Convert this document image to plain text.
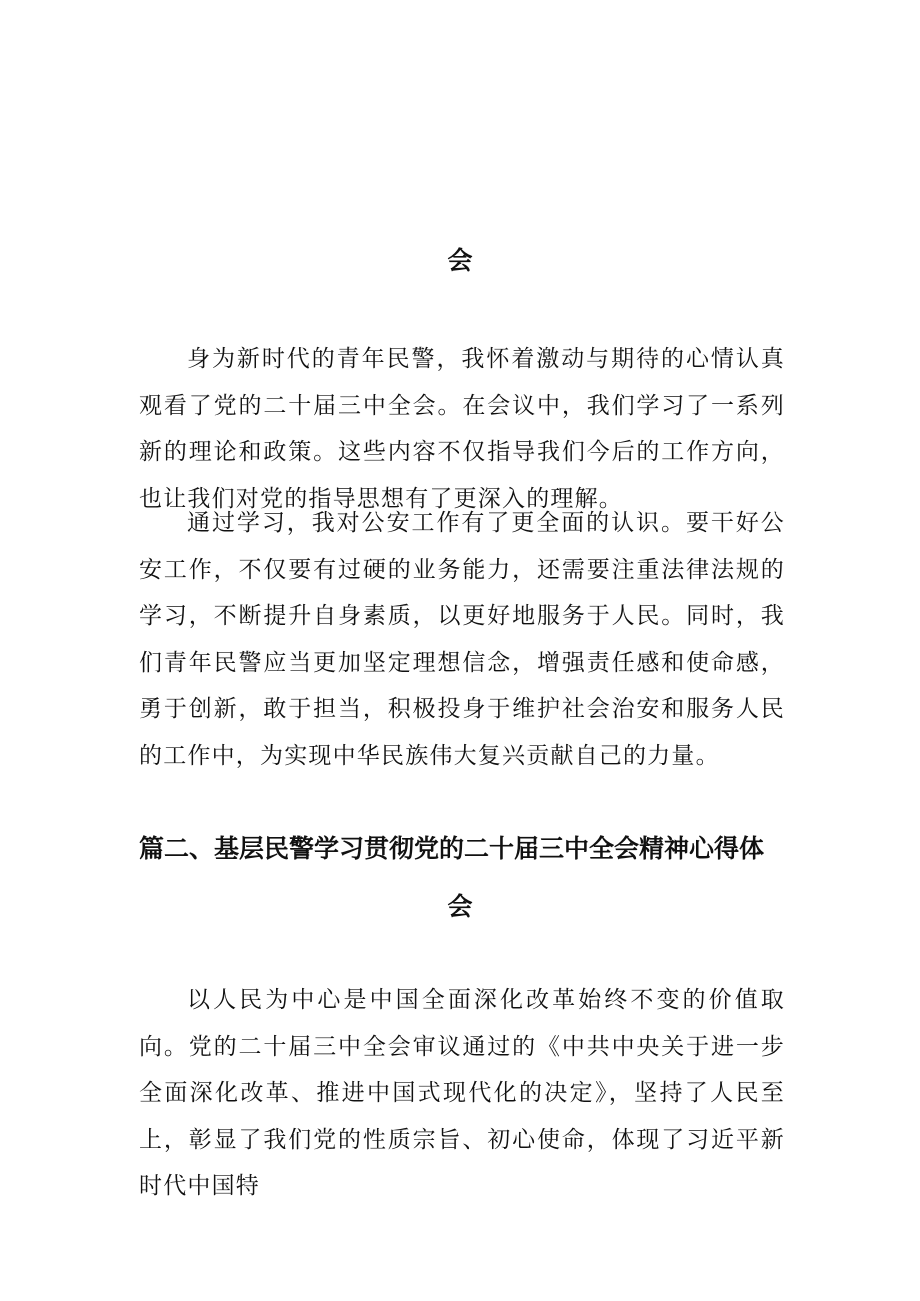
会

身为新时代的青年民警，我怀着激动与期待的心情认真观看了党的二十届三中全会。在会议中，我们学习了一系列新的理论和政策。这些内容不仅指导我们今后的工作方向，也让我们对党的指导思想有了更深入的理解。

通过学习，我对公安工作有了更全面的认识。要干好公安工作，不仅要有过硬的业务能力，还需要注重法律法规的学习，不断提升自身素质，以更好地服务于人民。同时，我们青年民警应当更加坚定理想信念，增强责任感和使命感，勇于创新，敢于担当，积极投身于维护社会治安和服务人民的工作中，为实现中华民族伟大复兴贡献自己的力量。

篇二、基层民警学习贯彻党的二十届三中全会精神心得体
会

以人民为中心是中国全面深化改革始终不变的价值取向。党的二十届三中全会审议通过的《中共中央关于进一步全面深化改革、推进中国式现代化的决定》，坚持了人民至上，彰显了我们党的性质宗旨、初心使命，体现了习近平新时代中国特
